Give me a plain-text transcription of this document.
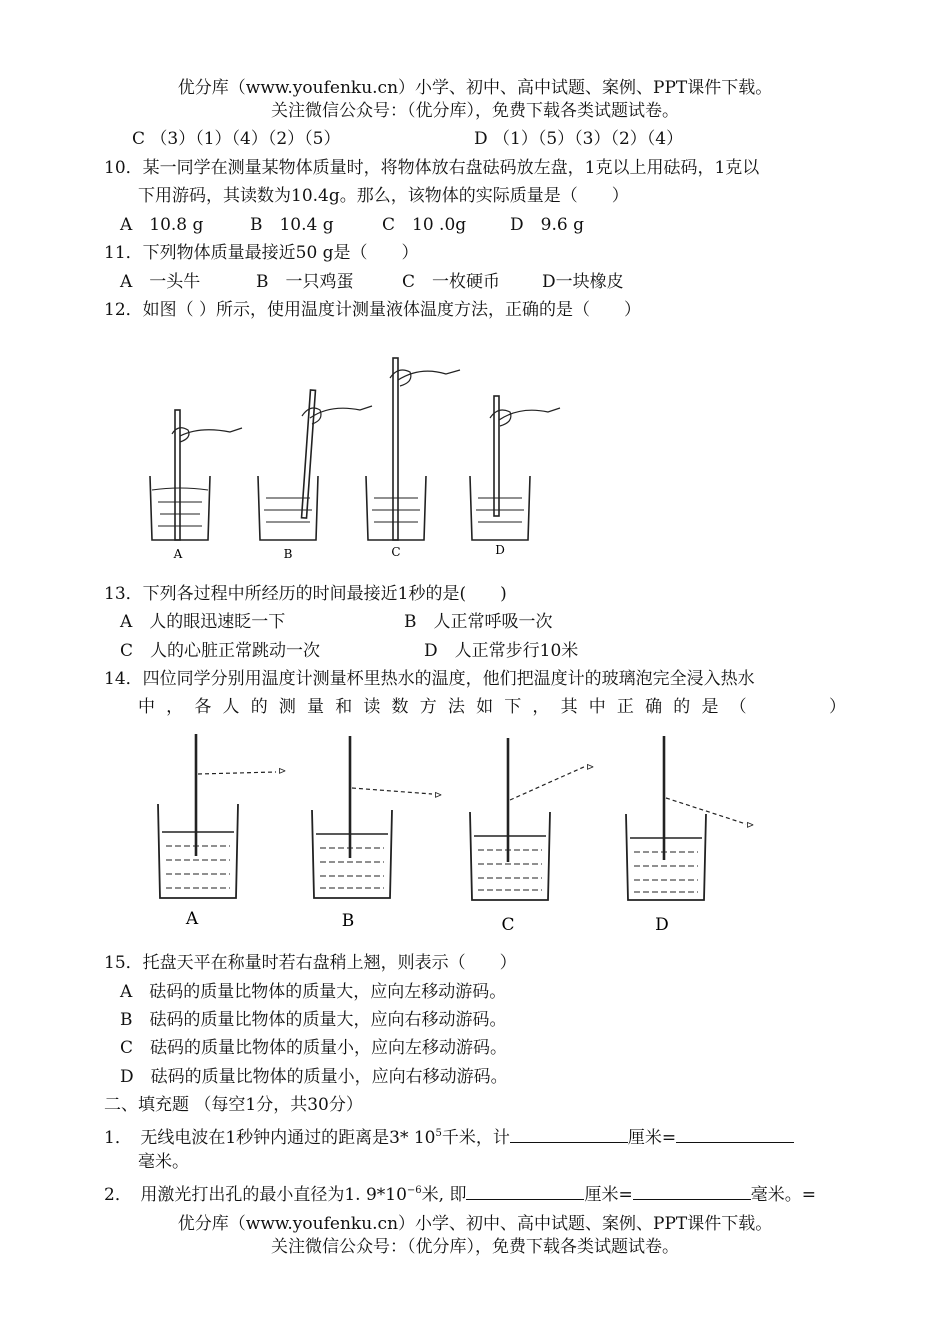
优分库（www.youfenku.cn）小学、初中、高中试题、案例、PPT课件下载。
关注微信公众号：（优分库），免费下载各类试题试卷。
C （3）（1）（4）（2）（5）	D （1）（5）（3）（2）（4）
10．某一同学在测量某物体质量时，将物体放右盘砝码放左盘，1克以上用砝码，1克以
下用游码，其读数为10.4g。那么，该物体的实际质量是（　　）
A　10.8 g	B　10.4 g	C　10 .0g	D　9.6 g
11．下列物体质量最接近50 g是（　　）
A　一头牛	B　一只鸡蛋	C　一枚硬币 D一块橡皮
12．如图（ ）所示，使用温度计测量液体温度方法，正确的是（　　）
A	B	C	D
13．下列各过程中所经历的时间最接近1秒的是(　　)
A　人的眼迅速眨一下	B　人正常呼吸一次
C　人的心脏正常跳动一次	D　人正常步行10米
14．四位同学分别用温度计测量杯里热水的温度，他们把温度计的玻璃泡完全浸入热水
中 ， 各 人 的 测 量 和 读 数 方 法 如 下 ， 其 中 正 确 的 是 （	）
⊳
⊳
⊳
⊳
A	B	C	D
15．托盘天平在称量时若右盘稍上翘，则表示（　　）
A　砝码的质量比物体的质量大，应向左移动游码。
B　砝码的质量比物体的质量大，应向右移动游码。
C　砝码的质量比物体的质量小，应向左移动游码。
D　砝码的质量比物体的质量小，应向右移动游码。
二、填充题 （每空1分，共30分）
1．　无线电波在1秒钟内通过的距离是3* $10^5$千米，计	厘米=
毫米。
2．　用激光打出孔的最小直径为1. $9*10^{-6}$米, 即	厘米=	毫米。=
优分库（www.youfenku.cn）小学、初中、高中试题、案例、PPT课件下载。
关注微信公众号：（优分库），免费下载各类试题试卷。
